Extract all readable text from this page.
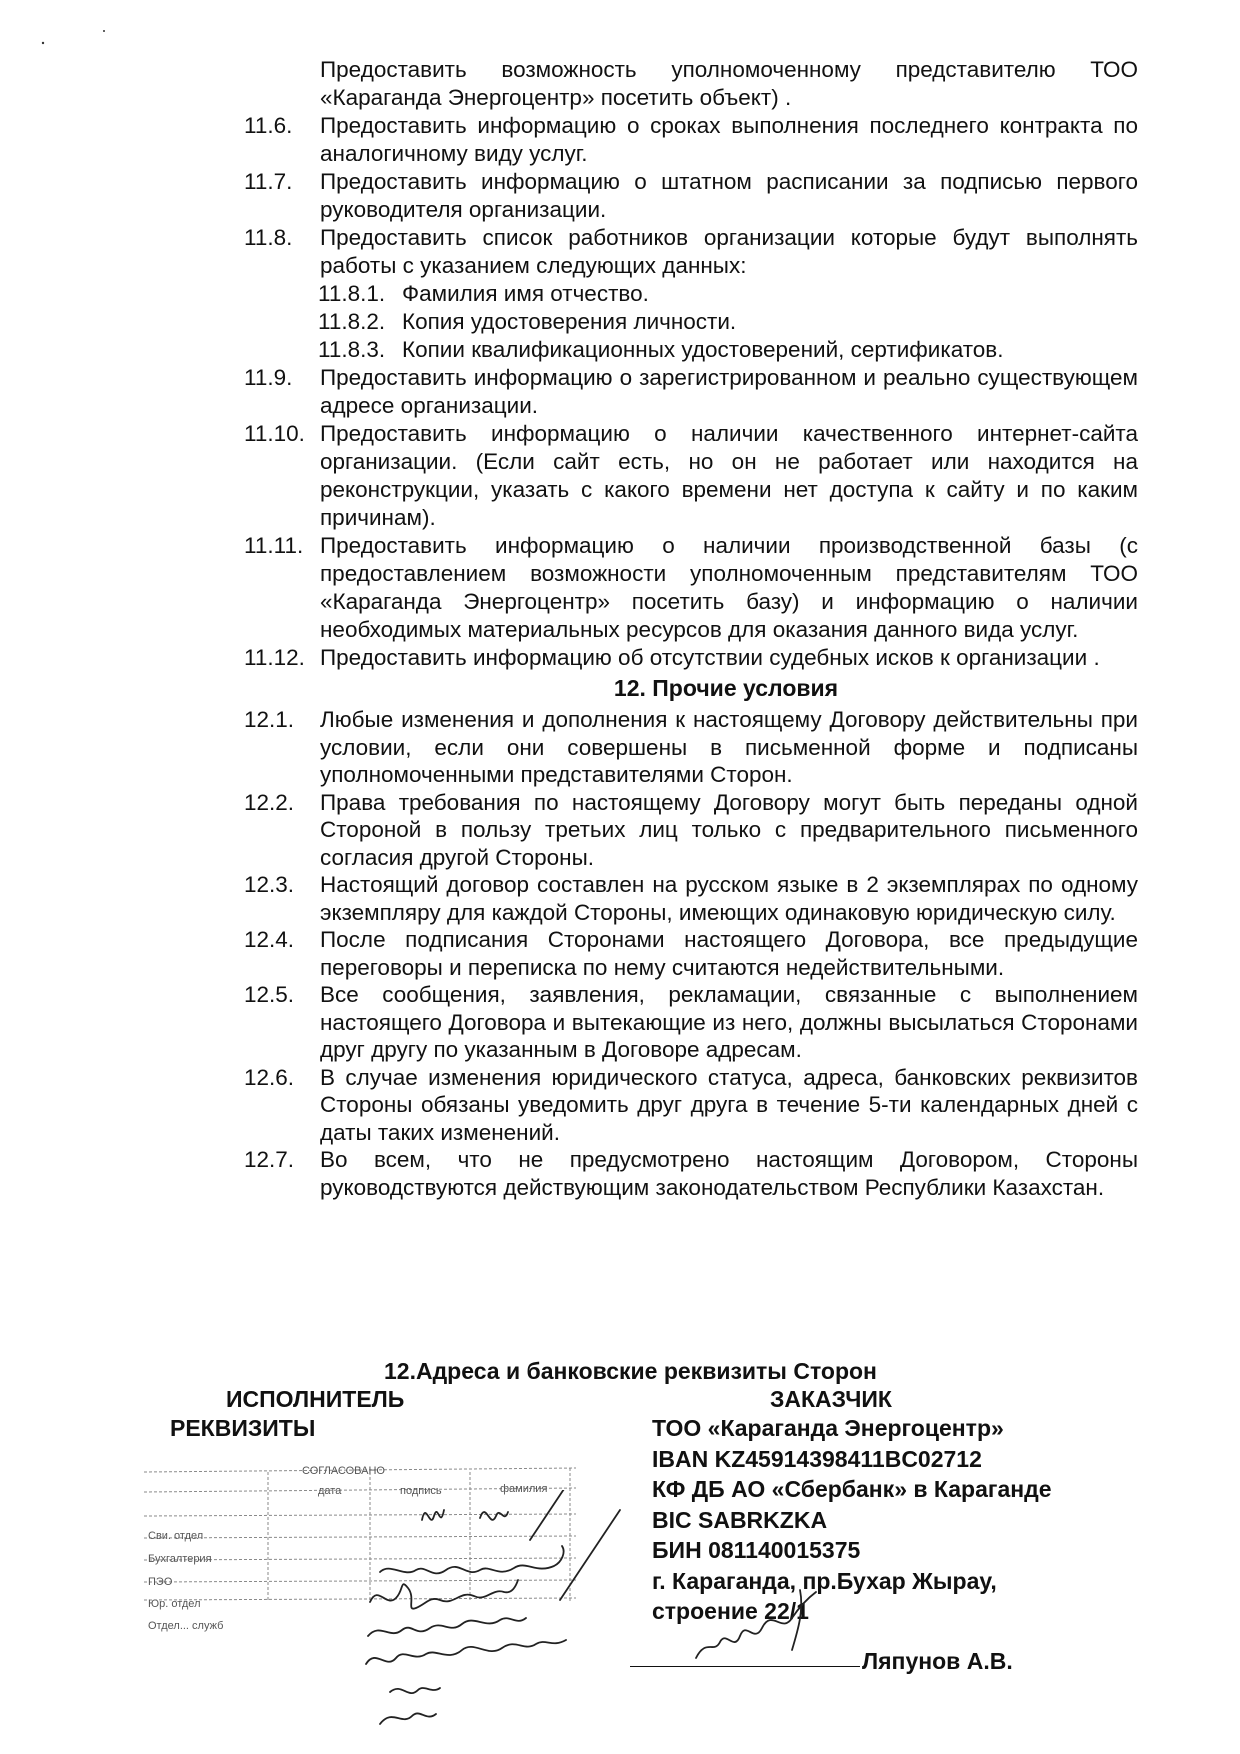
Предоставить возможность уполномоченному представителю ТОО «Караганда Энергоцентр» посетить объект) .
11.6.	Предоставить информацию о сроках выполнения последнего контракта по аналогичному виду услуг.
11.7.	Предоставить информацию о штатном расписании за подписью первого руководителя организации.
11.8.	Предоставить список работников организации которые будут выполнять работы с указанием следующих данных:
11.8.1. Фамилия имя отчество.
11.8.2. Копия удостоверения личности.
11.8.3. Копии квалификационных удостоверений, сертификатов.
11.9.	Предоставить информацию о зарегистрированном и реально существующем адресе организации.
11.10. Предоставить информацию о наличии качественного интернет-сайта организации. (Если сайт есть, но он не работает или находится на реконструкции, указать с какого времени нет доступа к сайту и по каким причинам).
11.11. Предоставить информацию о наличии производственной базы (с предоставлением возможности уполномоченным представителям ТОО «Караганда Энергоцентр» посетить базу) и информацию о наличии необходимых материальных ресурсов для оказания данного вида услуг.
11.12. Предоставить информацию об отсутствии судебных исков к организации .
12. Прочие условия
12.1.	Любые изменения и дополнения к настоящему Договору действительны при условии, если они совершены в письменной форме и подписаны уполномоченными представителями Сторон.
12.2.	Права требования по настоящему Договору могут быть переданы одной Стороной в пользу третьих лиц только с предварительного письменного согласия другой Стороны.
12.3.	Настоящий договор составлен на русском языке в 2 экземплярах по одному экземпляру для каждой Стороны, имеющих одинаковую юридическую силу.
12.4.	После подписания Сторонами настоящего Договора, все предыдущие переговоры и переписка по нему считаются недействительными.
12.5.	Все сообщения, заявления, рекламации, связанные с выполнением настоящего Договора и вытекающие из него, должны высылаться Сторонами друг другу по указанным в Договоре адресам.
12.6.	В случае изменения юридического статуса, адреса, банковских реквизитов Стороны обязаны уведомить друг друга в течение 5-ти календарных дней с даты таких изменений.
12.7.	Во всем, что не предусмотрено настоящим Договором, Стороны руководствуются действующим законодательством Республики Казахстан.
12.Адреса и банковские реквизиты Сторон
ИСПОЛНИТЕЛЬ
РЕКВИЗИТЫ
ЗАКАЗЧИК
ТОО «Караганда Энергоцентр»
IBAN KZ45914398411BC02712
КФ ДБ АО «Сбербанк» в Караганде
BIC SABRKZKA
БИН 081140015375
г. Караганда, пр.Бухар Жырау,
строение 22/1
Ляпунов А.В.
СОГЛАСОВАНО
дата	подпись	фамилия
Сви. отдел
Бухгалтерия
ПЭО
Юр. отдел
Отдел... служб
